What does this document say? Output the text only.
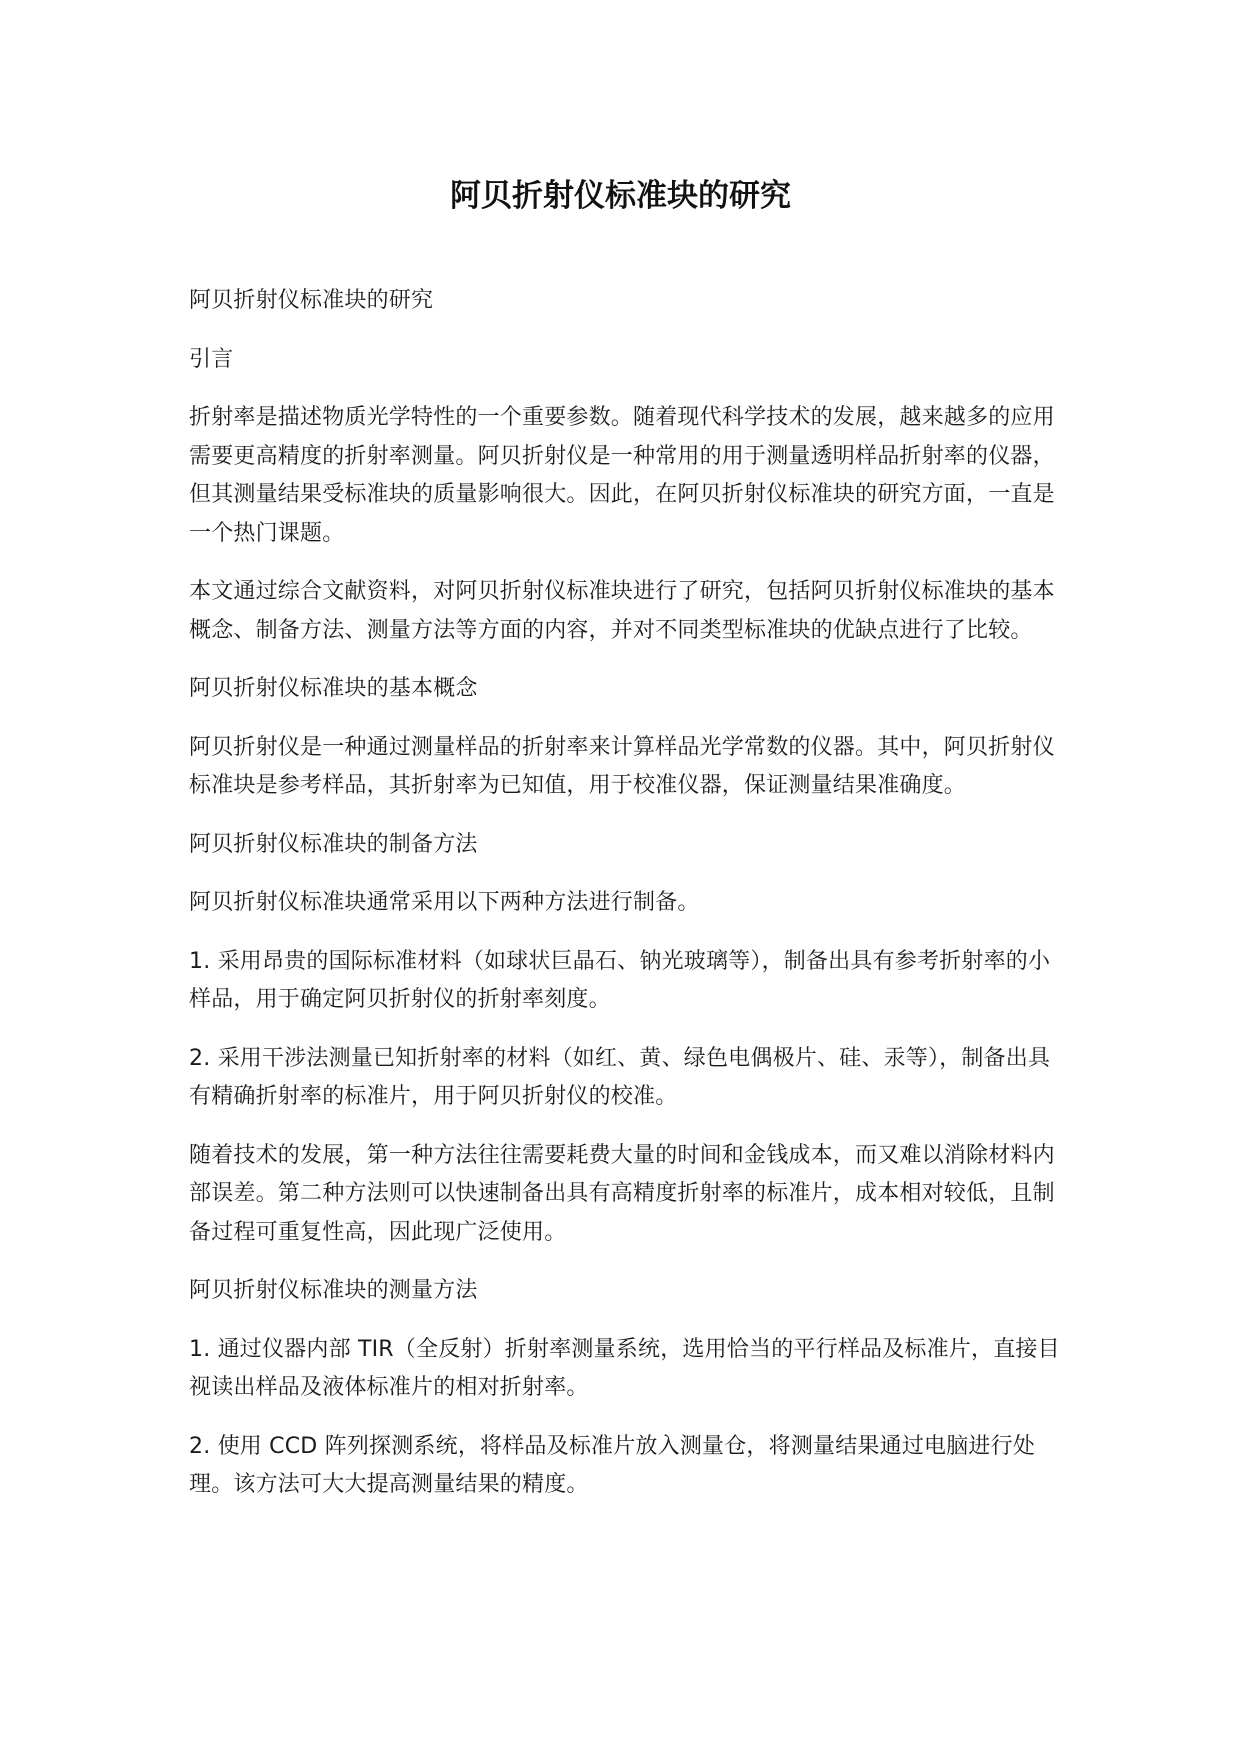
阿贝折射仪标准块的研究

阿贝折射仪标准块的研究

引言

折射率是描述物质光学特性的一个重要参数。随着现代科学技术的发展，越来越多的应用需要更高精度的折射率测量。阿贝折射仪是一种常用的用于测量透明样品折射率的仪器，但其测量结果受标准块的质量影响很大。因此，在阿贝折射仪标准块的研究方面，一直是一个热门课题。

本文通过综合文献资料，对阿贝折射仪标准块进行了研究，包括阿贝折射仪标准块的基本概念、制备方法、测量方法等方面的内容，并对不同类型标准块的优缺点进行了比较。

阿贝折射仪标准块的基本概念

阿贝折射仪是一种通过测量样品的折射率来计算样品光学常数的仪器。其中，阿贝折射仪标准块是参考样品，其折射率为已知值，用于校准仪器，保证测量结果准确度。

阿贝折射仪标准块的制备方法

阿贝折射仪标准块通常采用以下两种方法进行制备。

1. 采用昂贵的国际标准材料（如球状巨晶石、钠光玻璃等），制备出具有参考折射率的小样品，用于确定阿贝折射仪的折射率刻度。

2. 采用干涉法测量已知折射率的材料（如红、黄、绿色电偶极片、硅、汞等），制备出具有精确折射率的标准片，用于阿贝折射仪的校准。

随着技术的发展，第一种方法往往需要耗费大量的时间和金钱成本，而又难以消除材料内部误差。第二种方法则可以快速制备出具有高精度折射率的标准片，成本相对较低，且制备过程可重复性高，因此现广泛使用。

阿贝折射仪标准块的测量方法

1. 通过仪器内部 TIR（全反射）折射率测量系统，选用恰当的平行样品及标准片，直接目视读出样品及液体标准片的相对折射率。

2. 使用 CCD 阵列探测系统，将样品及标准片放入测量仓，将测量结果通过电脑进行处理。该方法可大大提高测量结果的精度。
